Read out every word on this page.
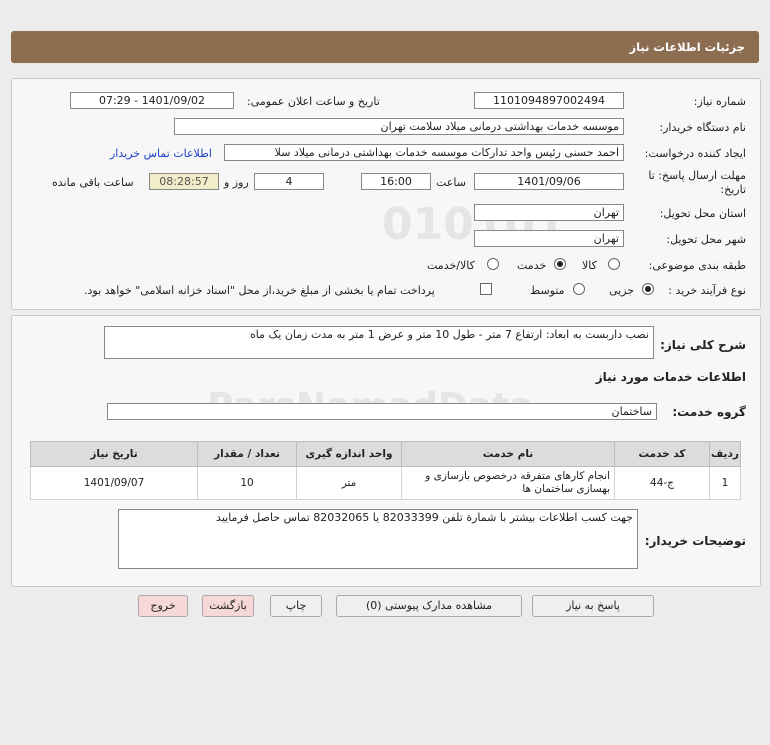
جزئیات اطلاعات نیاز
010101
شماره نیاز:
1101094897002494
تاریخ و ساعت اعلان عمومی:
1401/09/02 - 07:29
نام دستگاه خریدار:
موسسه خدمات بهداشتی درمانی میلاد سلامت تهران
ایجاد کننده درخواست:
احمد حسنی رئیس واحد تدارکات موسسه خدمات بهداشتی درمانی میلاد سلا
اطلاعات تماس خریدار
مهلت ارسال پاسخ: تا
تاریخ:
1401/09/06
ساعت
16:00
4
روز و
08:28:57
ساعت باقی مانده
استان محل تحویل:
تهران
شهر محل تحویل:
تهران
طبقه بندی موضوعی:
کالا
خدمت
کالا/خدمت
نوع فرآیند خرید :
جزیی
متوسط
پرداخت تمام یا بخشی از مبلغ خرید،از محل "اسناد خزانه اسلامی" خواهد بود.
شرح کلی نیاز:
نصب داربست به ابعاد: ارتفاع 7 متر - طول 10 متر و عرض 1 متر به مدت زمان یک ماه
اطلاعات خدمات مورد نیاز
گروه خدمت:
ساختمان
ردیف	کد خدمت	نام خدمت	واحد اندازه گیری	تعداد / مقدار	تاریخ نیاز
1	ج-44	انجام کارهای متفرقه درخصوص بازسازی و بهسازی ساختمان ها	متر	10	1401/09/07
توضیحات خریدار:
جهت کسب اطلاعات بیشتر با شمارة تلفن 82033399 یا 82032065 تماس حاصل فرمایید
پاسخ به نیاز
مشاهده مدارک پیوستی (0)
چاپ
بازگشت
خروج
